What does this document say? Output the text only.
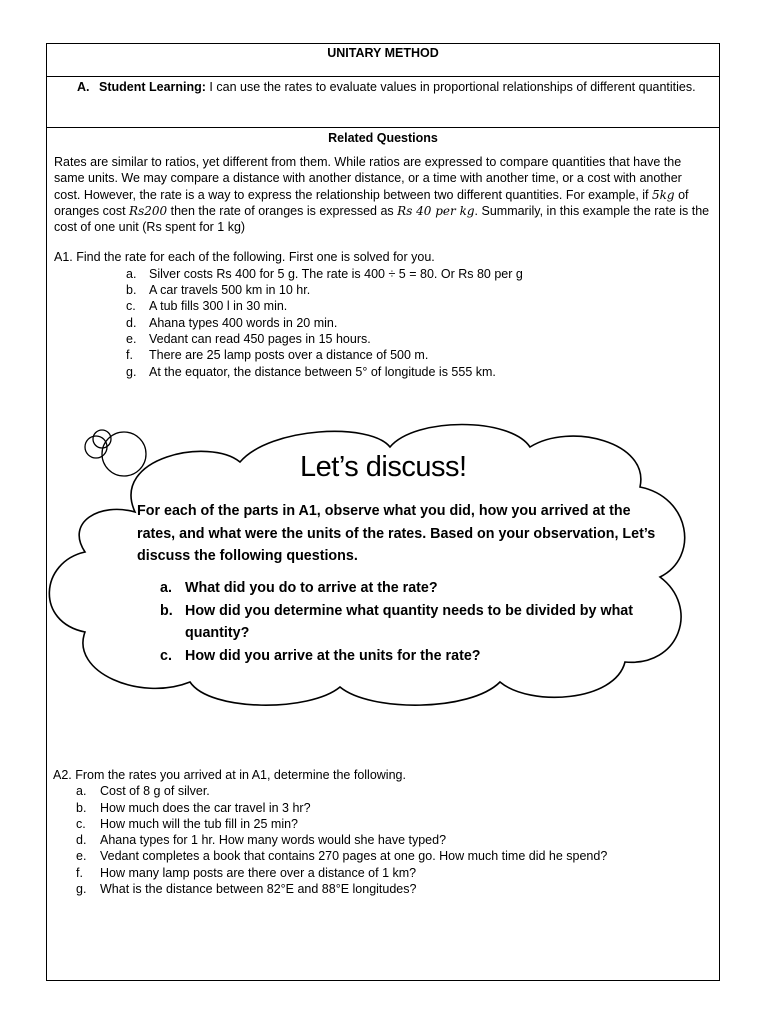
UNITARY METHOD
A. Student Learning: I can use the rates to evaluate values in proportional relationships of different quantities.
Related Questions

Rates are similar to ratios, yet different from them. While ratios are expressed to compare quantities that have the same units. We may compare a distance with another distance, or a time with another time, or a cost with another cost. However, the rate is a way to express the relationship between two different quantities. For example, if 5kg of oranges cost Rs200 then the rate of oranges is expressed as Rs 40 per kg. Summarily, in this example the rate is the cost of one unit (Rs spent for 1 kg)

A1. Find the rate for each of the following. First one is solved for you.
a. Silver costs Rs 400 for 5 g. The rate is 400 ÷ 5 = 80. Or Rs 80 per g
b. A car travels 500 km in 10 hr.
c. A tub fills 300 l in 30 min.
d. Ahana types 400 words in 20 min.
e. Vedant can read 450 pages in 15 hours.
f. There are 25 lamp posts over a distance of 500 m.
g. At the equator, the distance between 5° of longitude is 555 km.
Let’s discuss!
For each of the parts in A1, observe what you did, how you arrived at the rates, and what were the units of the rates. Based on your observation, Let’s discuss the following questions.
a. What did you do to arrive at the rate?
b. How did you determine what quantity needs to be divided by what quantity?
c. How did you arrive at the units for the rate?
A2. From the rates you arrived at in A1, determine the following.
a. Cost of 8 g of silver.
b. How much does the car travel in 3 hr?
c. How much will the tub fill in 25 min?
d. Ahana types for 1 hr. How many words would she have typed?
e. Vedant completes a book that contains 270 pages at one go. How much time did he spend?
f. How many lamp posts are there over a distance of 1 km?
g. What is the distance between 82°E and 88°E longitudes?
